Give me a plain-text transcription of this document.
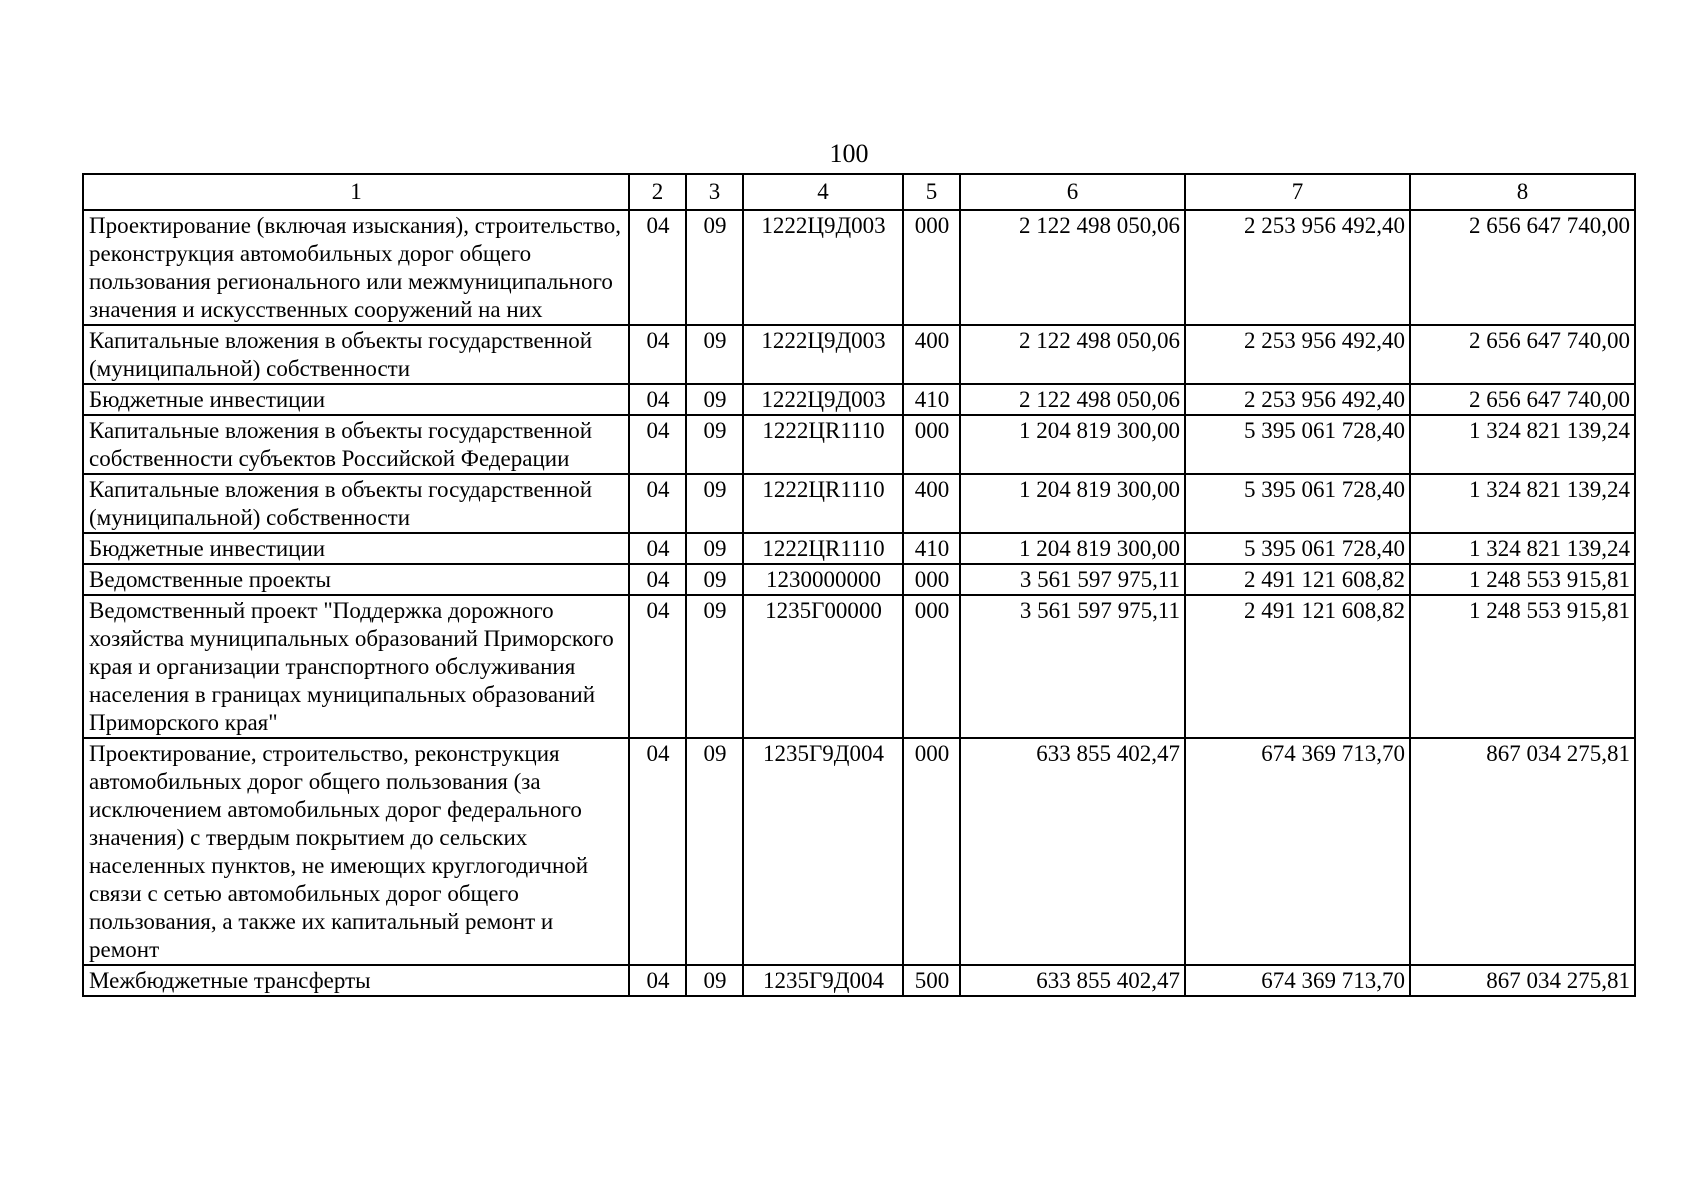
100
1	2	3	4	5	6	7	8
Проектирование (включая изыскания), строительство, реконструкция автомобильных дорог общего пользования регионального или межмуниципального значения и искусственных сооружений на них	04	09	1222Ц9Д003	000	2 122 498 050,06	2 253 956 492,40	2 656 647 740,00
Капитальные вложения в объекты государственной (муниципальной) собственности	04	09	1222Ц9Д003	400	2 122 498 050,06	2 253 956 492,40	2 656 647 740,00
Бюджетные инвестиции	04	09	1222Ц9Д003	410	2 122 498 050,06	2 253 956 492,40	2 656 647 740,00
Капитальные вложения в объекты государственной собственности субъектов Российской Федерации	04	09	1222ЦR1110	000	1 204 819 300,00	5 395 061 728,40	1 324 821 139,24
Капитальные вложения в объекты государственной (муниципальной) собственности	04	09	1222ЦR1110	400	1 204 819 300,00	5 395 061 728,40	1 324 821 139,24
Бюджетные инвестиции	04	09	1222ЦR1110	410	1 204 819 300,00	5 395 061 728,40	1 324 821 139,24
Ведомственные проекты	04	09	1230000000	000	3 561 597 975,11	2 491 121 608,82	1 248 553 915,81
Ведомственный проект "Поддержка дорожного хозяйства муниципальных образований Приморского края и организации транспортного обслуживания населения в границах муниципальных образований Приморского края"	04	09	1235Г00000	000	3 561 597 975,11	2 491 121 608,82	1 248 553 915,81
Проектирование, строительство, реконструкция автомобильных дорог общего пользования (за исключением автомобильных дорог федерального значения) с твердым покрытием до сельских населенных пунктов, не имеющих круглогодичной связи с сетью автомобильных дорог общего пользования, а также их капитальный ремонт и ремонт	04	09	1235Г9Д004	000	633 855 402,47	674 369 713,70	867 034 275,81
Межбюджетные трансферты	04	09	1235Г9Д004	500	633 855 402,47	674 369 713,70	867 034 275,81
